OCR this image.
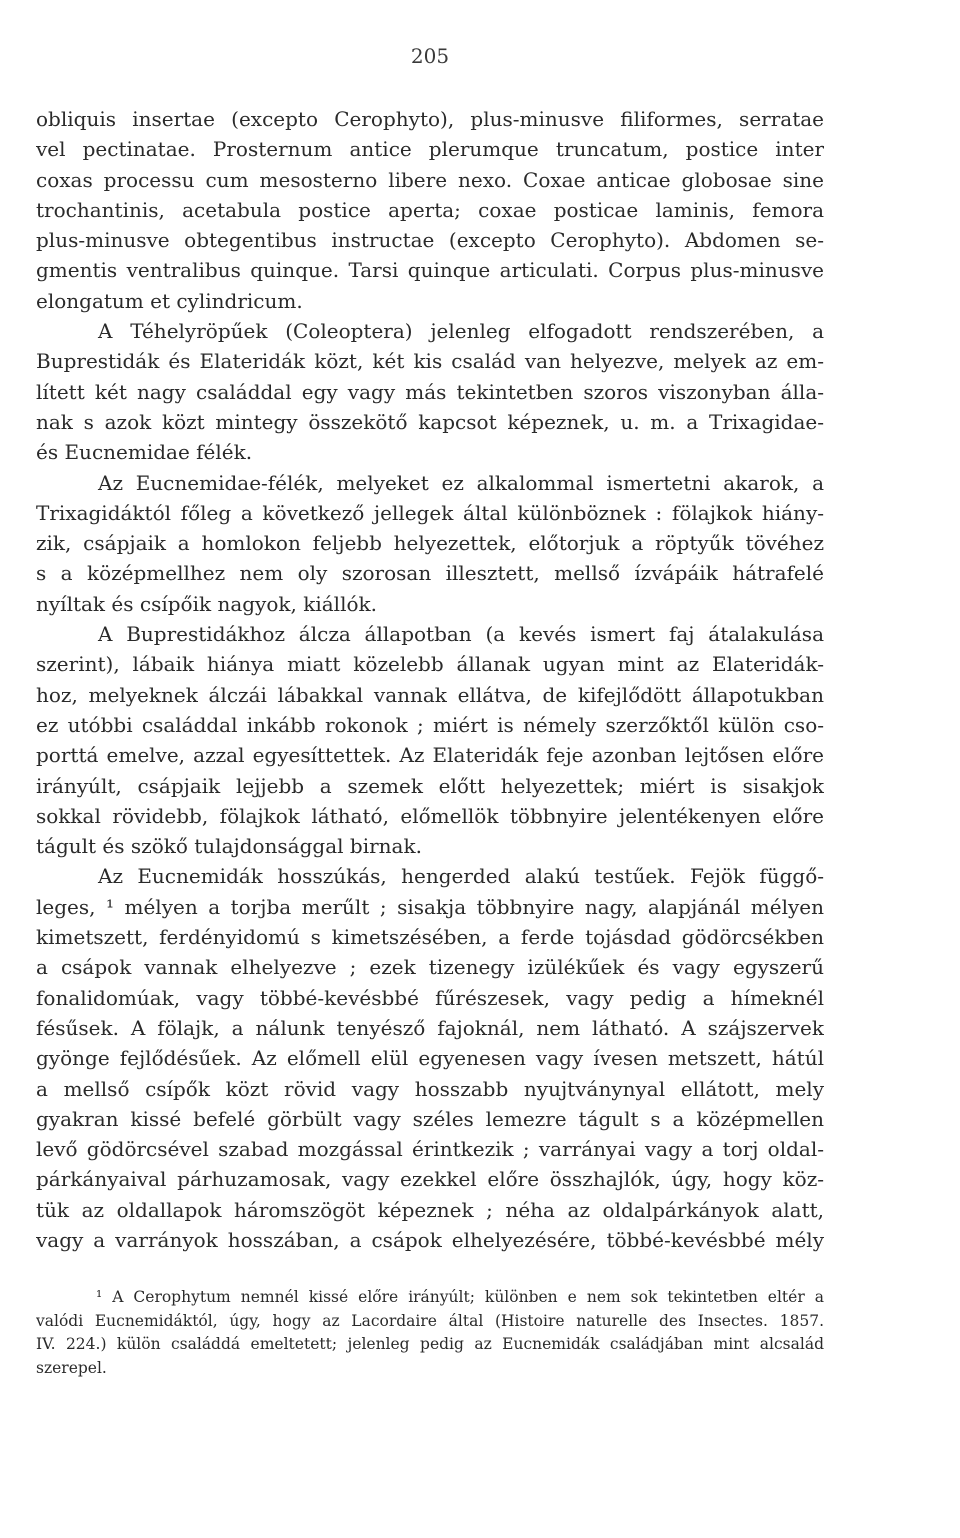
205
obliquis insertae (excepto Cerophyto), plus-minusve filiformes, serratae
vel pectinatae. Prosternum antice plerumque truncatum, postice inter
coxas processu cum mesosterno libere nexo. Coxae anticae globosae sine
trochantinis, acetabula postice aperta; coxae posticae laminis, femora
plus-minusve obtegentibus instructae (excepto Cerophyto). Abdomen se-
gmentis ventralibus quinque. Tarsi quinque articulati. Corpus plus-minusve
elongatum et cylindricum.
A Téhelyröpűek (Coleoptera) jelenleg elfogadott rendszerében, a
Buprestidák és Elateridák közt, két kis család van helyezve, melyek az em-
lített két nagy családdal egy vagy más tekintetben szoros viszonyban álla-
nak s azok közt mintegy összekötő kapcsot képeznek, u. m. a Trixagidae-
és Eucnemidae félék.
Az Eucnemidae-félék, melyeket ez alkalommal ismertetni akarok, a
Trixagidáktól főleg a következő jellegek által különböznek : fölajkok hiány-
zik, csápjaik a homlokon feljebb helyezettek, előtorjuk a röptyűk tövéhez
s a középmellhez nem oly szorosan illesztett, mellső ízvápáik hátrafelé
nyíltak és csípőik nagyok, kiállók.
A Buprestidákhoz álcza állapotban (a kevés ismert faj átalakulása
szerint), lábaik hiánya miatt közelebb állanak ugyan mint az Elateridák-
hoz, melyeknek álczái lábakkal vannak ellátva, de kifejlődött állapotukban
ez utóbbi családdal inkább rokonok ; miért is némely szerzőktől külön cso-
porttá emelve, azzal egyesíttettek. Az Elateridák feje azonban lejtősen előre
irányúlt, csápjaik lejjebb a szemek előtt helyezettek; miért is sisakjok
sokkal rövidebb, fölajkok látható, előmellök többnyire jelentékenyen előre
tágult és szökő tulajdonsággal birnak.
Az Eucnemidák hosszúkás, hengerded alakú testűek. Fejök függő-
leges, ¹ mélyen a torjba merűlt ; sisakja többnyire nagy, alapjánál mélyen
kimetszett, ferdényidomú s kimetszésében, a ferde tojásdad gödörcsékben
a csápok vannak elhelyezve ; ezek tizenegy izülékűek és vagy egyszerű
fonalidomúak, vagy többé-kevésbbé fűrészesek, vagy pedig a hímeknél
fésűsek. A fölajk, a nálunk tenyésző fajoknál, nem látható. A szájszervek
gyönge fejlődésűek. Az előmell elül egyenesen vagy ívesen metszett, hátúl
a mellső csípők közt rövid vagy hosszabb nyujtványnyal ellátott, mely
gyakran kissé befelé görbült vagy széles lemezre tágult s a középmellen
levő gödörcsével szabad mozgással érintkezik ; varrányai vagy a torj oldal-
párkányaival párhuzamosak, vagy ezekkel előre összhajlók, úgy, hogy köz-
tük az oldallapok háromszögöt képeznek ; néha az oldalpárkányok alatt,
vagy a varrányok hosszában, a csápok elhelyezésére, többé-kevésbbé mély
¹ A Cerophytum nemnél kissé előre irányúlt; különben e nem sok tekintetben eltér a
valódi Eucnemidáktól, úgy, hogy az Lacordaire által (Histoire naturelle des Insectes. 1857.
IV. 224.) külön családdá emeltetett; jelenleg pedig az Eucnemidák családjában mint alcsalád
szerepel.
